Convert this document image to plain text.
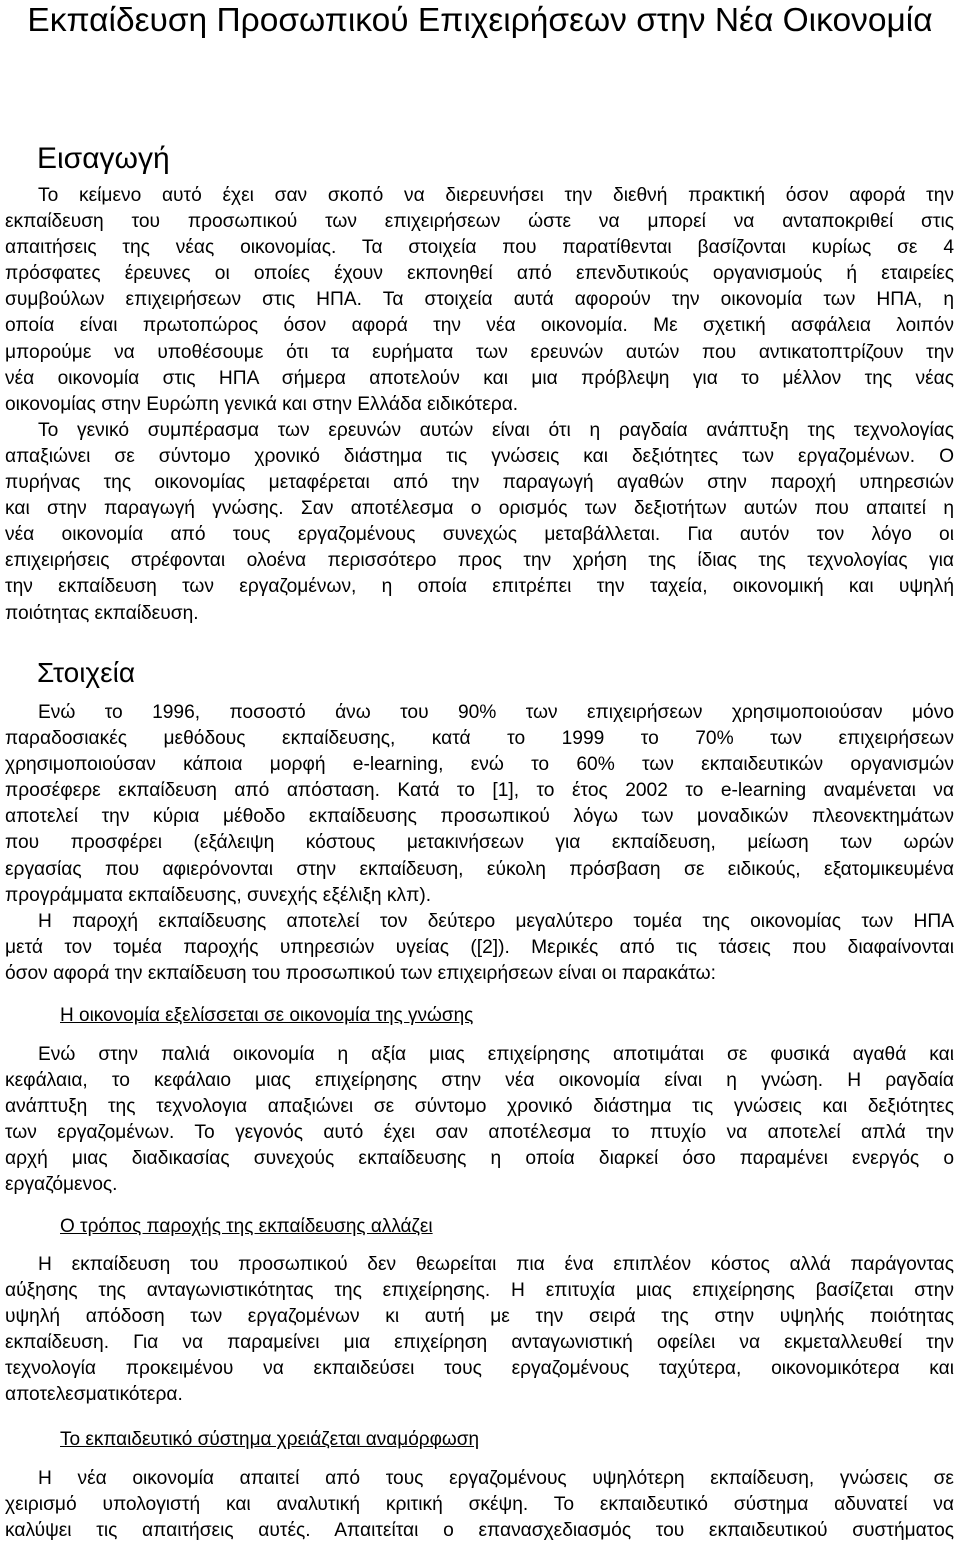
Εκπαίδευση Προσωπικού Επιχειρήσεων στην Νέα Οικονομία
Εισαγωγή
Το κείμενο αυτό έχει σαν σκοπό να διερευνήσει την διεθνή πρακτική όσον αφορά την
εκπαίδευση του προσωπικού των επιχειρήσεων ώστε να μπορεί να ανταποκριθεί στις
απαιτήσεις της νέας οικονομίας. Τα στοιχεία που παρατίθενται βασίζονται κυρίως σε 4
πρόσφατες έρευνες οι οποίες έχουν εκπονηθεί από επενδυτικούς οργανισμούς ή εταιρείες
συμβούλων επιχειρήσεων στις ΗΠΑ. Τα στοιχεία αυτά αφορούν την οικονομία των ΗΠΑ, η
οποία είναι πρωτοπώρος όσον αφορά την νέα οικονομία. Με σχετική ασφάλεια λοιπόν
μπορούμε να υποθέσουμε ότι τα ευρήματα των ερευνών αυτών που αντικατοπτρίζουν την
νέα οικονομία στις ΗΠΑ σήμερα αποτελούν και μια πρόβλεψη για το μέλλον της νέας
οικονομίας στην Ευρώπη γενικά και στην Ελλάδα ειδικότερα.
Το γενικό συμπέρασμα των ερευνών αυτών είναι ότι η ραγδαία ανάπτυξη της τεχνολογίας
απαξιώνει σε σύντομο χρονικό διάστημα τις γνώσεις και δεξιότητες των εργαζομένων. Ο
πυρήνας της οικονομίας μεταφέρεται από την παραγωγή αγαθών στην παροχή υπηρεσιών
και στην παραγωγή γνώσης. Σαν αποτέλεσμα ο ορισμός των δεξιοτήτων αυτών που απαιτεί η
νέα οικονομία από τους εργαζομένους συνεχώς μεταβάλλεται. Για αυτόν τον λόγο οι
επιχειρήσεις στρέφονται ολοένα περισσότερο προς την χρήση της ίδιας της τεχνολογίας για
την εκπαίδευση των εργαζομένων, η οποία επιτρέπει την ταχεία, οικονομική και υψηλή
ποιότητας εκπαίδευση.
Στοιχεία
Ενώ το 1996, ποσοστό άνω του 90% των επιχειρήσεων χρησιμοποιούσαν μόνο
παραδοσιακές μεθόδους εκπαίδευσης, κατά το 1999 το 70% των επιχειρήσεων
χρησιμοποιούσαν κάποια μορφή e-learning, ενώ το 60% των εκπαιδευτικών οργανισμών
προσέφερε εκπαίδευση από απόσταση. Κατά το [1], το έτος 2002 το e-learning αναμένεται να
αποτελεί την κύρια μέθοδο εκπαίδευσης προσωπικού λόγω των μοναδικών πλεονεκτημάτων
που προσφέρει (εξάλειψη κόστους μετακινήσεων για εκπαίδευση, μείωση των ωρών
εργασίας που αφιερόνονται στην εκπαίδευση, εύκολη πρόσβαση σε ειδικούς, εξατομικευμένα
προγράμματα εκπαίδευσης, συνεχής εξέλιξη κλπ).
Η παροχή εκπαίδευσης αποτελεί τον δεύτερο μεγαλύτερο τομέα της οικονομίας των ΗΠΑ
μετά τον τομέα παροχής υπηρεσιών υγείας ([2]). Μερικές από τις τάσεις που διαφαίνονται
όσον αφορά την εκπαίδευση του προσωπικού των επιχειρήσεων είναι οι παρακάτω:
Η οικονομία εξελίσσεται σε οικονομία της γνώσης
Ενώ στην παλιά οικονομία η αξία μιας επιχείρησης αποτιμάται σε φυσικά αγαθά και
κεφάλαια, το κεφάλαιο μιας επιχείρησης στην νέα οικονομία είναι η γνώση. Η ραγδαία
ανάπτυξη της τεχνολογια απαξιώνει σε σύντομο χρονικό διάστημα τις γνώσεις και δεξιότητες
των εργαζομένων. Το γεγονός αυτό έχει σαν αποτέλεσμα το πτυχίο να αποτελεί απλά την
αρχή μιας διαδικασίας συνεχούς εκπαίδευσης η οποία διαρκεί όσο παραμένει ενεργός ο
εργαζόμενος.
Ο τρόπος παροχής της εκπαίδευσης αλλάζει
Η εκπαίδευση του προσωπικού δεν θεωρείται πια ένα επιπλέον κόστος αλλά παράγοντας
αύξησης της ανταγωνιστικότητας της επιχείρησης. Η επιτυχία μιας επιχείρησης βασίζεται στην
υψηλή απόδοση των εργαζομένων κι αυτή με την σειρά της στην υψηλής ποιότητας
εκπαίδευση. Για να παραμείνει μια επιχείρηση ανταγωνιστική οφείλει να εκμεταλλευθεί την
τεχνολογία προκειμένου να εκπαιδεύσει τους εργαζομένους ταχύτερα, οικονομικότερα και
αποτελεσματικότερα.
Το εκπαιδευτικό σύστημα χρειάζεται αναμόρφωση
Η νέα οικονομία απαιτεί από τους εργαζομένους υψηλότερη εκπαίδευση, γνώσεις σε
χειρισμό υπολογιστή και αναλυτική κριτική σκέψη. Το εκπαιδευτικό σύστημα αδυνατεί να
καλύψει τις απαιτήσεις αυτές. Απαιτείται ο επανασχεδιασμός του εκπαιδευτικού συστήματος
